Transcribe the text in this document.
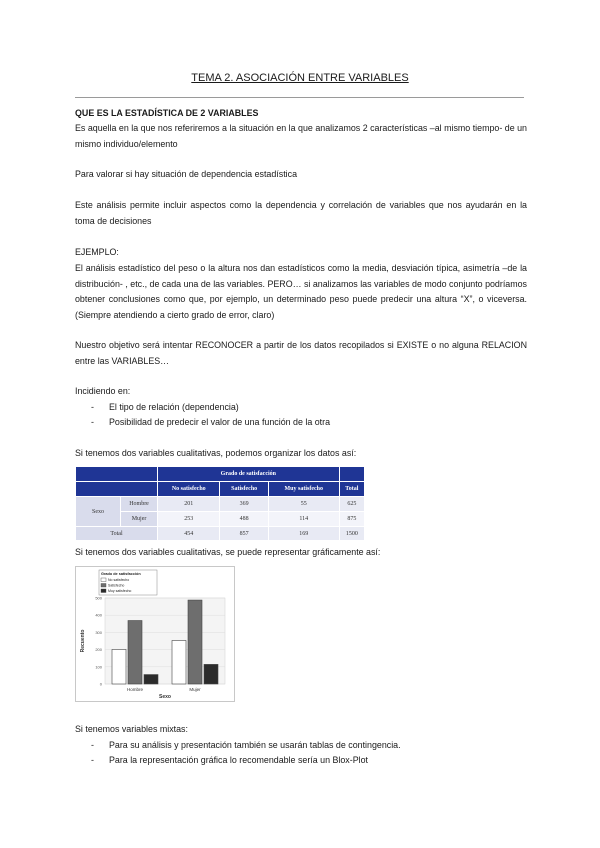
TEMA 2. ASOCIACIÓN ENTRE VARIABLES
QUE ES LA ESTADÍSTICA DE 2 VARIABLES
Es aquella en la que nos referiremos a la situación en la que analizamos 2 características –al mismo tiempo- de un mismo individuo/elemento
Para valorar si hay situación de dependencia estadística
Este análisis permite incluir aspectos como la dependencia y correlación de variables que nos ayudarán en la toma de decisiones
EJEMPLO:
El análisis estadístico del peso o la altura nos dan estadísticos como la media, desviación típica, asimetría –de la distribución- , etc., de cada una de las variables. PERO… si analizamos las variables de modo conjunto podríamos obtener conclusiones como que, por ejemplo, un determinado peso puede predecir una altura “X”, o viceversa. (Siempre atendiendo a cierto grado de error, claro)
Nuestro objetivo será intentar RECONOCER a partir de los datos recopilados si EXISTE o no alguna RELACION entre las VARIABLES…
Incidiendo en:
- El tipo de relación (dependencia)
- Posibilidad de predecir el valor de una función de la otra
Si tenemos dos variables cualitativas, podemos organizar los datos así:
		Grado de satisfacción			
		No satisfecho	Satisfecho	Muy satisfecho	Total
Sexo	Hombre	201	369	55	625
	Mujer	253	488	114	875
Total		454	857	169	1500
Si tenemos dos variables cualitativas, se puede representar gráficamente así:
0
100
200
300
400
500
Recuento
Hombre	Mujer
Sexo
Grado de satisfacción
No satisfecho
Satisfecho
Muy satisfecho
Si tenemos variables mixtas:
- Para su análisis y presentación también se usarán tablas de contingencia.
- Para la representación gráfica lo recomendable sería un Blox-Plot
